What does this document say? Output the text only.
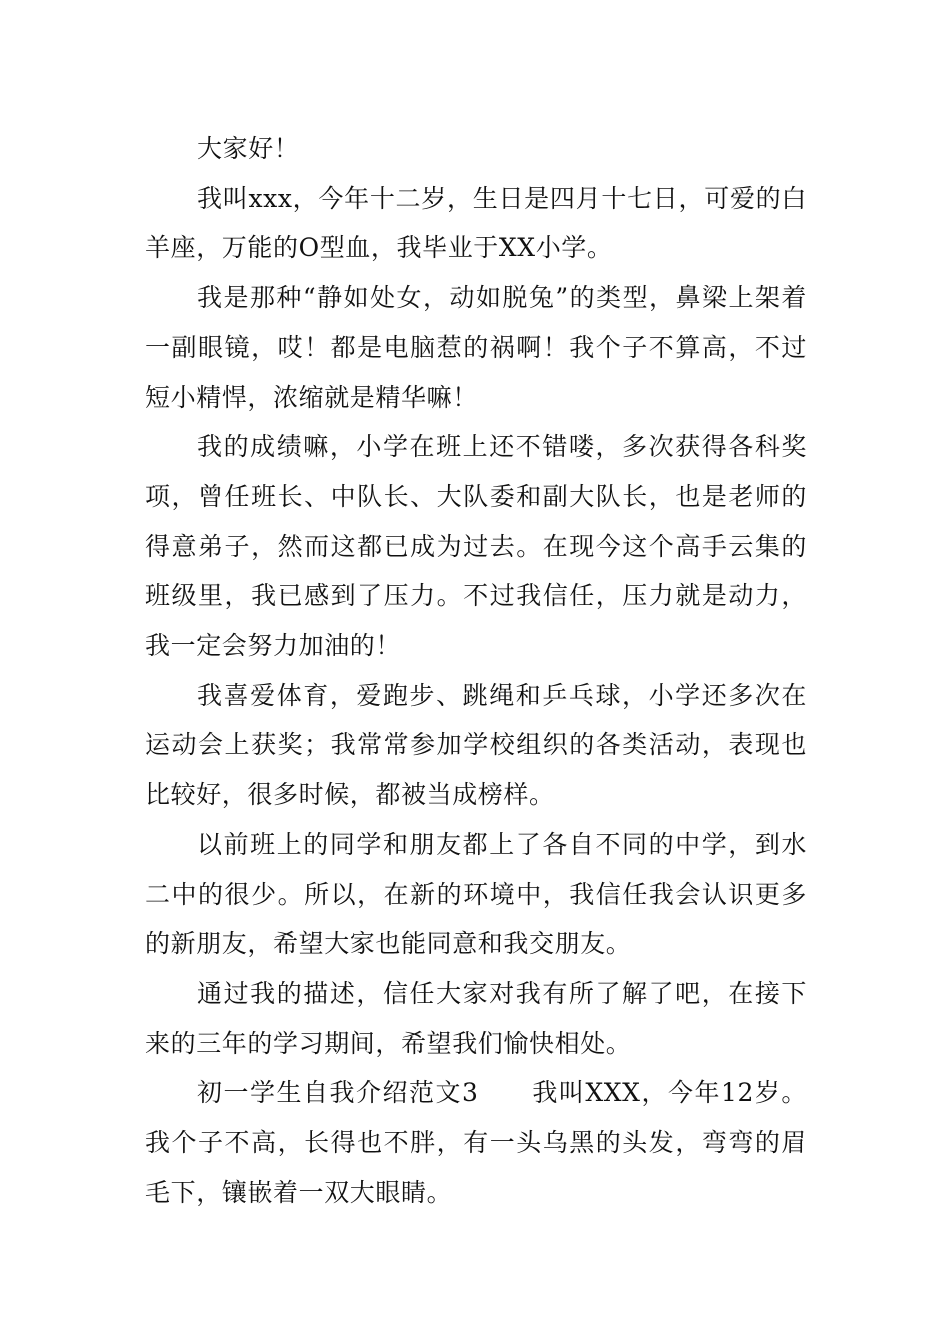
大家好！

我叫xxx，今年十二岁，生日是四月十七日，可爱的白羊座，万能的O型血，我毕业于XX小学。

我是那种“静如处女，动如脱兔”的类型，鼻梁上架着一副眼镜，哎！都是电脑惹的祸啊！我个子不算高，不过短小精悍，浓缩就是精华嘛！

我的成绩嘛，小学在班上还不错喽，多次获得各科奖项，曾任班长、中队长、大队委和副大队长，也是老师的得意弟子，然而这都已成为过去。在现今这个高手云集的班级里，我已感到了压力。不过我信任，压力就是动力，我一定会努力加油的！

我喜爱体育，爱跑步、跳绳和乒乓球，小学还多次在运动会上获奖；我常常参加学校组织的各类活动，表现也比较好，很多时候，都被当成榜样。

以前班上的同学和朋友都上了各自不同的中学，到水二中的很少。所以，在新的环境中，我信任我会认识更多的新朋友，希望大家也能同意和我交朋友。

通过我的描述，信任大家对我有所了解了吧，在接下来的三年的学习期间，希望我们愉快相处。

初一学生自我介绍范文3　　我叫XXX，今年12岁。我个子不高，长得也不胖，有一头乌黑的头发，弯弯的眉毛下，镶嵌着一双大眼睛。
